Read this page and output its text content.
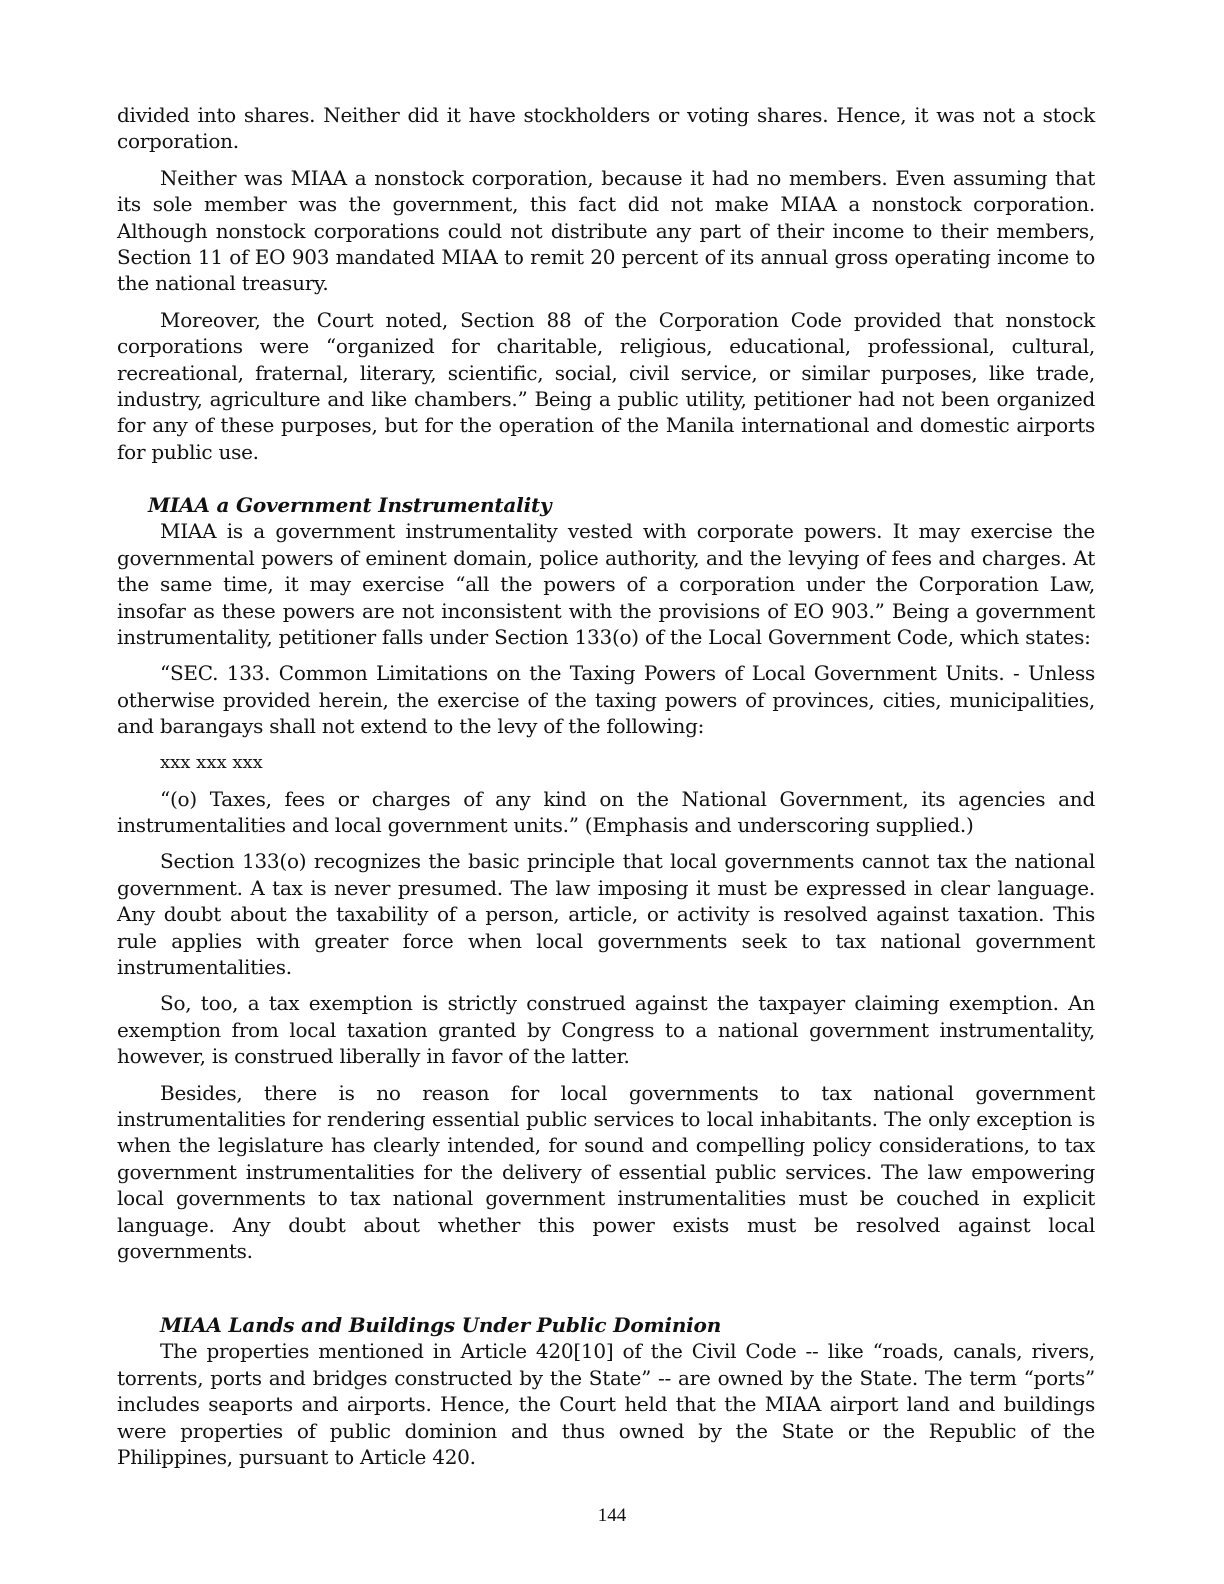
divided into shares. Neither did it have stockholders or voting shares. Hence, it was not a stock corporation.

Neither was MIAA a nonstock corporation, because it had no members. Even assuming that its sole member was the government, this fact did not make MIAA a nonstock corporation. Although nonstock corporations could not distribute any part of their income to their members, Section 11 of EO 903 mandated MIAA to remit 20 percent of its annual gross operating income to the national treasury.

Moreover, the Court noted, Section 88 of the Corporation Code provided that nonstock corporations were “organized for charitable, religious, educational, professional, cultural, recreational, fraternal, literary, scientific, social, civil service, or similar purposes, like trade, industry, agriculture and like chambers.” Being a public utility, petitioner had not been organized for any of these purposes, but for the operation of the Manila international and domestic airports for public use.

MIAA a Government Instrumentality

MIAA is a government instrumentality vested with corporate powers. It may exercise the governmental powers of eminent domain, police authority, and the levying of fees and charges. At the same time, it may exercise “all the powers of a corporation under the Corporation Law, insofar as these powers are not inconsistent with the provisions of EO 903.” Being a government instrumentality, petitioner falls under Section 133(o) of the Local Government Code, which states:

“SEC. 133. Common Limitations on the Taxing Powers of Local Government Units. - Unless otherwise provided herein, the exercise of the taxing powers of provinces, cities, municipalities, and barangays shall not extend to the levy of the following:

xxx xxx xxx

“(o) Taxes, fees or charges of any kind on the National Government, its agencies and instrumentalities and local government units.” (Emphasis and underscoring supplied.)

Section 133(o) recognizes the basic principle that local governments cannot tax the national government. A tax is never presumed. The law imposing it must be expressed in clear language. Any doubt about the taxability of a person, article, or activity is resolved against taxation. This rule applies with greater force when local governments seek to tax national government instrumentalities.

So, too, a tax exemption is strictly construed against the taxpayer claiming exemption. An exemption from local taxation granted by Congress to a national government instrumentality, however, is construed liberally in favor of the latter.

Besides, there is no reason for local governments to tax national government instrumentalities for rendering essential public services to local inhabitants. The only exception is when the legislature has clearly intended, for sound and compelling policy considerations, to tax government instrumentalities for the delivery of essential public services. The law empowering local governments to tax national government instrumentalities must be couched in explicit language. Any doubt about whether this power exists must be resolved against local governments.

MIAA Lands and Buildings Under Public Dominion

The properties mentioned in Article 420[10] of the Civil Code -- like “roads, canals, rivers, torrents, ports and bridges constructed by the State” -- are owned by the State. The term “ports” includes seaports and airports. Hence, the Court held that the MIAA airport land and buildings were properties of public dominion and thus owned by the State or the Republic of the Philippines, pursuant to Article 420.

144
